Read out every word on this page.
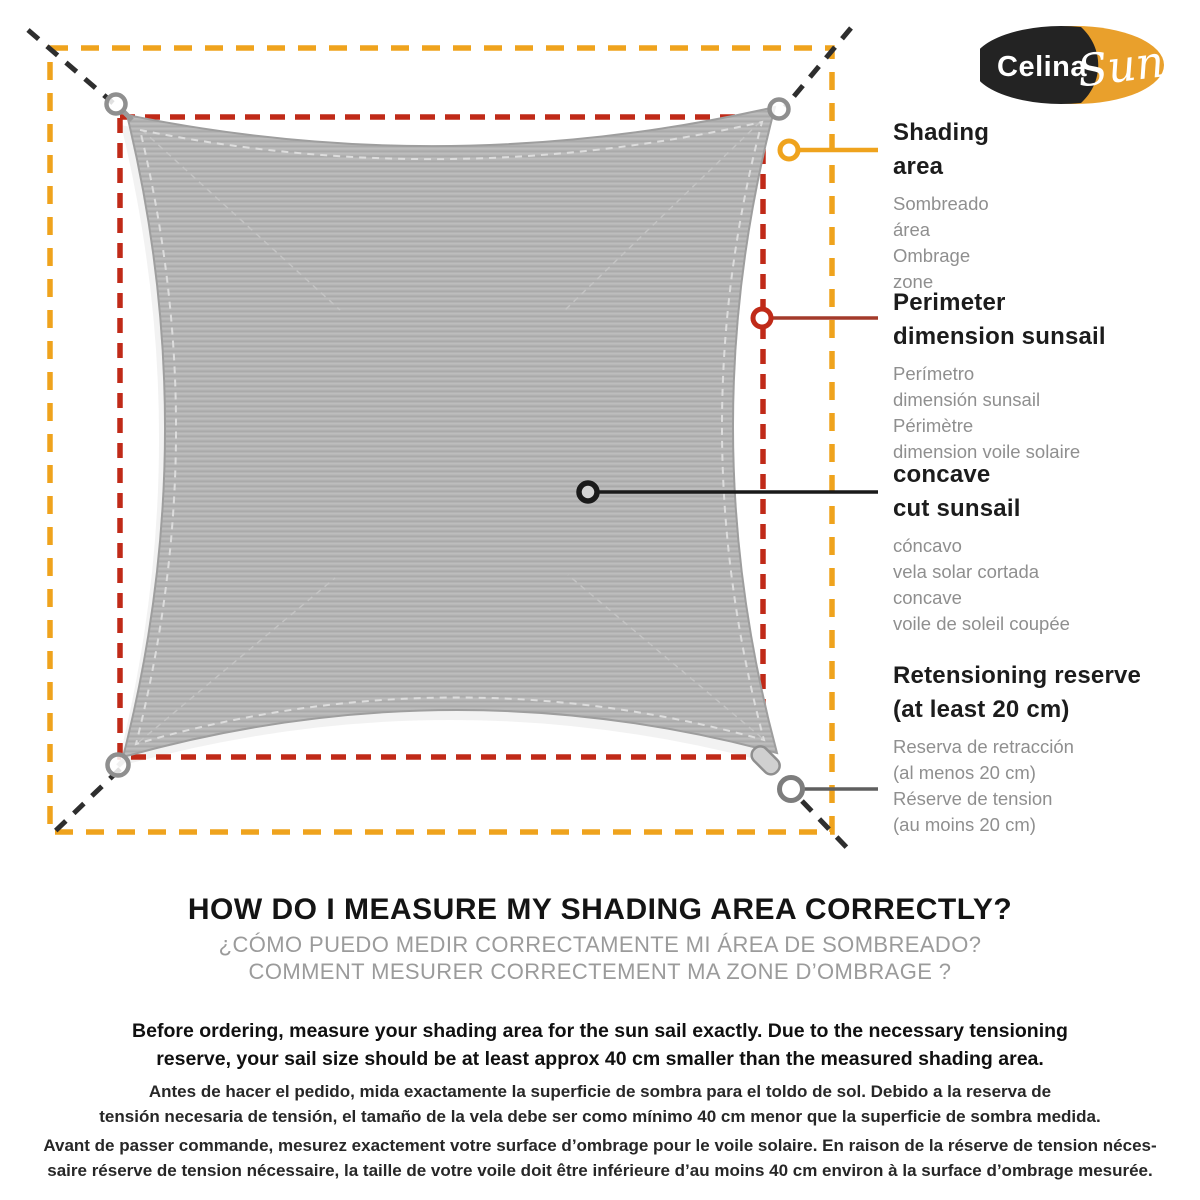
Celina
Sun
Shading
area
Sombreado
área
Ombrage
zone
Perimeter
dimension sunsail
Perímetro
dimensión sunsail
Périmètre
dimension voile solaire
concave
cut sunsail
cóncavo
vela solar cortada
concave
voile de soleil coupée
Retensioning reserve
(at least 20 cm)
Reserva de retracción
(al menos 20 cm)
Réserve de tension
(au moins 20 cm)
HOW DO I MEASURE MY SHADING AREA CORRECTLY?
¿CÓMO PUEDO MEDIR CORRECTAMENTE MI ÁREA DE SOMBREADO?
COMMENT MESURER CORRECTEMENT MA ZONE D’OMBRAGE ?
Before ordering, measure your shading area for the sun sail exactly. Due to the necessary tensioning
reserve, your sail size should be at least approx 40 cm smaller than the measured shading area.
Antes de hacer el pedido, mida exactamente la superficie de sombra para el toldo de sol. Debido a la reserva de
tensión necesaria de tensión, el tamaño de la vela debe ser como mínimo 40 cm menor que la superficie de sombra medida.
Avant de passer commande, mesurez exactement votre surface d’ombrage pour le voile solaire. En raison de la réserve de tension néces-
saire réserve de tension nécessaire, la taille de votre voile doit être inférieure d’au moins 40 cm environ à la surface d’ombrage mesurée.
